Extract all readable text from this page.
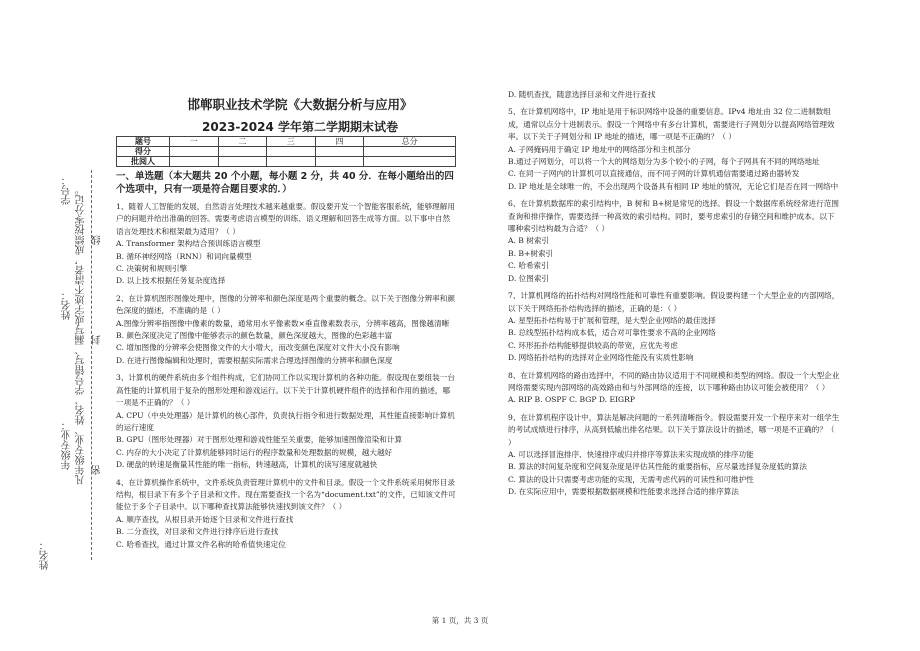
学号：
姓名： 凡年级专业、姓名、学号错写、漏写或字迹不清者，成绩按零分记。 线
封
密
年级专业：
姓名：
邯郸职业技术学院《大数据分析与应用》
2023-2024 学年第二学期期末试卷
题号	一	二	三	四	总分
得分					
批阅人					

一、单选题（本大题共 20 个小题，每小题 2 分，共 40 分．在每小题给出的四个选项中，只有一项是符合题目要求的．）

1、随着人工智能的发展，自然语言处理技术越来越重要。假设要开发一个智能客服系统，能够理解用户的问题并给出准确的回答。需要考虑语言模型的训练、语义理解和回答生成等方面。以下事中自然语言处理技术和框架最为适用？（ ）

A. Transformer 架构结合预训练语言模型

B. 循环神经网络（RNN）和词向量模型

C. 决策树和规则引擎

D. 以上技术根据任务复杂度选择

2、在计算机图形图像处理中，图像的分辨率和颜色深度是两个重要的概念。以下关于图像分辨率和颜色深度的描述，不准确的是（ ）

A.图像分辨率指图像中像素的数量，通常用水平像素数×垂直像素数表示，分辨率越高，图像越清晰

B. 颜色深度决定了图像中能够表示的颜色数量，颜色深度越大，图像的色彩越丰富

C. 增加图像的分辨率会使图像文件的大小增大，而改变颜色深度对文件大小没有影响

D. 在进行图像编辑和处理时，需要根据实际需求合理选择图像的分辨率和颜色深度

3、计算机的硬件系统由多个组件构成，它们协同工作以实现计算机的各种功能。假设现在要组装一台高性能的计算机用于复杂的图形处理和游戏运行。以下关于计算机硬件组件的选择和作用的描述，哪一项是不正确的？（ ）

A. CPU（中央处理器）是计算机的核心部件，负责执行指令和进行数据处理，其性能直接影响计算机的运行速度

B. GPU（图形处理器）对于图形处理和游戏性能至关重要，能够加速图像渲染和计算

C. 内存的大小决定了计算机能够同时运行的程序数量和处理数据的规模，越大越好

D. 硬盘的转速是衡量其性能的唯一指标，转速越高，计算机的读写速度就越快

4、在计算机操作系统中，文件系统负责管理计算机中的文件和目录。假设一个文件系统采用树形目录结构，根目录下有多个子目录和文件。现在需要查找一个名为“document.txt”的文件，已知该文件可能位于多个子目录中。以下哪种查找算法能够快速找到该文件？（ ）

A. 顺序查找，从根目录开始逐个目录和文件进行查找

B. 二分查找，对目录和文件进行排序后进行查找

C. 哈希查找，通过计算文件名称的哈希值快速定位

D. 随机查找，随意选择目录和文件进行查找

5、在计算机网络中，IP 地址是用于标识网络中设备的重要信息。IPv4 地址由 32 位二进制数组成，通常以点分十进制表示。假设一个网络中有多台计算机，需要进行子网划分以提高网络管理效率。以下关于子网划分和 IP 地址的描述，哪一项是不正确的？（ ）

A. 子网掩码用于确定 IP 地址中的网络部分和主机部分

B.通过子网划分，可以将一个大的网络划分为多个较小的子网，每个子网具有不同的网络地址

C. 在同一子网内的计算机可以直接通信，而不同子网的计算机通信需要通过路由器转发

D. IP 地址是全球唯一的，不会出现两个设备具有相同 IP 地址的情况，无论它们是否在同一网络中

6、在计算机数据库的索引结构中，B 树和 B+树是常见的选择。假设一个数据库系统经常进行范围查询和排序操作，需要选择一种高效的索引结构。同时，要考虑索引的存储空间和维护成本。以下哪种索引结构最为合适？（ ）

A. B 树索引

B. B+树索引

C. 哈希索引

D. 位图索引

7、计算机网络的拓扑结构对网络性能和可靠性有重要影响。假设要构建一个大型企业的内部网络，以下关于网络拓扑结构选择的描述，正确的是：（ ）

A. 星型拓扑结构易于扩展和管理，是大型企业网络的最佳选择

B. 总线型拓扑结构成本低，适合对可靠性要求不高的企业网络

C. 环形拓扑结构能够提供较高的带宽，应优先考虑

D. 网络拓扑结构的选择对企业网络性能没有实质性影响

8、在计算机网络的路由选择中，不同的路由协议适用于不同规模和类型的网络。假设一个大型企业网络需要实现内部网络的高效路由和与外部网络的连接，以下哪种路由协议可能会被使用？（ ）

A. RIP B. OSPF C. BGP D. EIGRP

9、在计算机程序设计中，算法是解决问题的一系列清晰指令。假设需要开发一个程序来对一组学生的考试成绩进行排序，从高到低输出排名结果。以下关于算法设计的描述，哪一项是不正确的？（ ）

A. 可以选择冒泡排序、快速排序或归并排序等算法来实现成绩的排序功能

B. 算法的时间复杂度和空间复杂度是评估其性能的重要指标，应尽量选择复杂度低的算法

C. 算法的设计只需要考虑功能的实现，无需考虑代码的可读性和可维护性

D. 在实际应用中，需要根据数据规模和性能要求选择合适的排序算法

第 1 页，共 3 页
